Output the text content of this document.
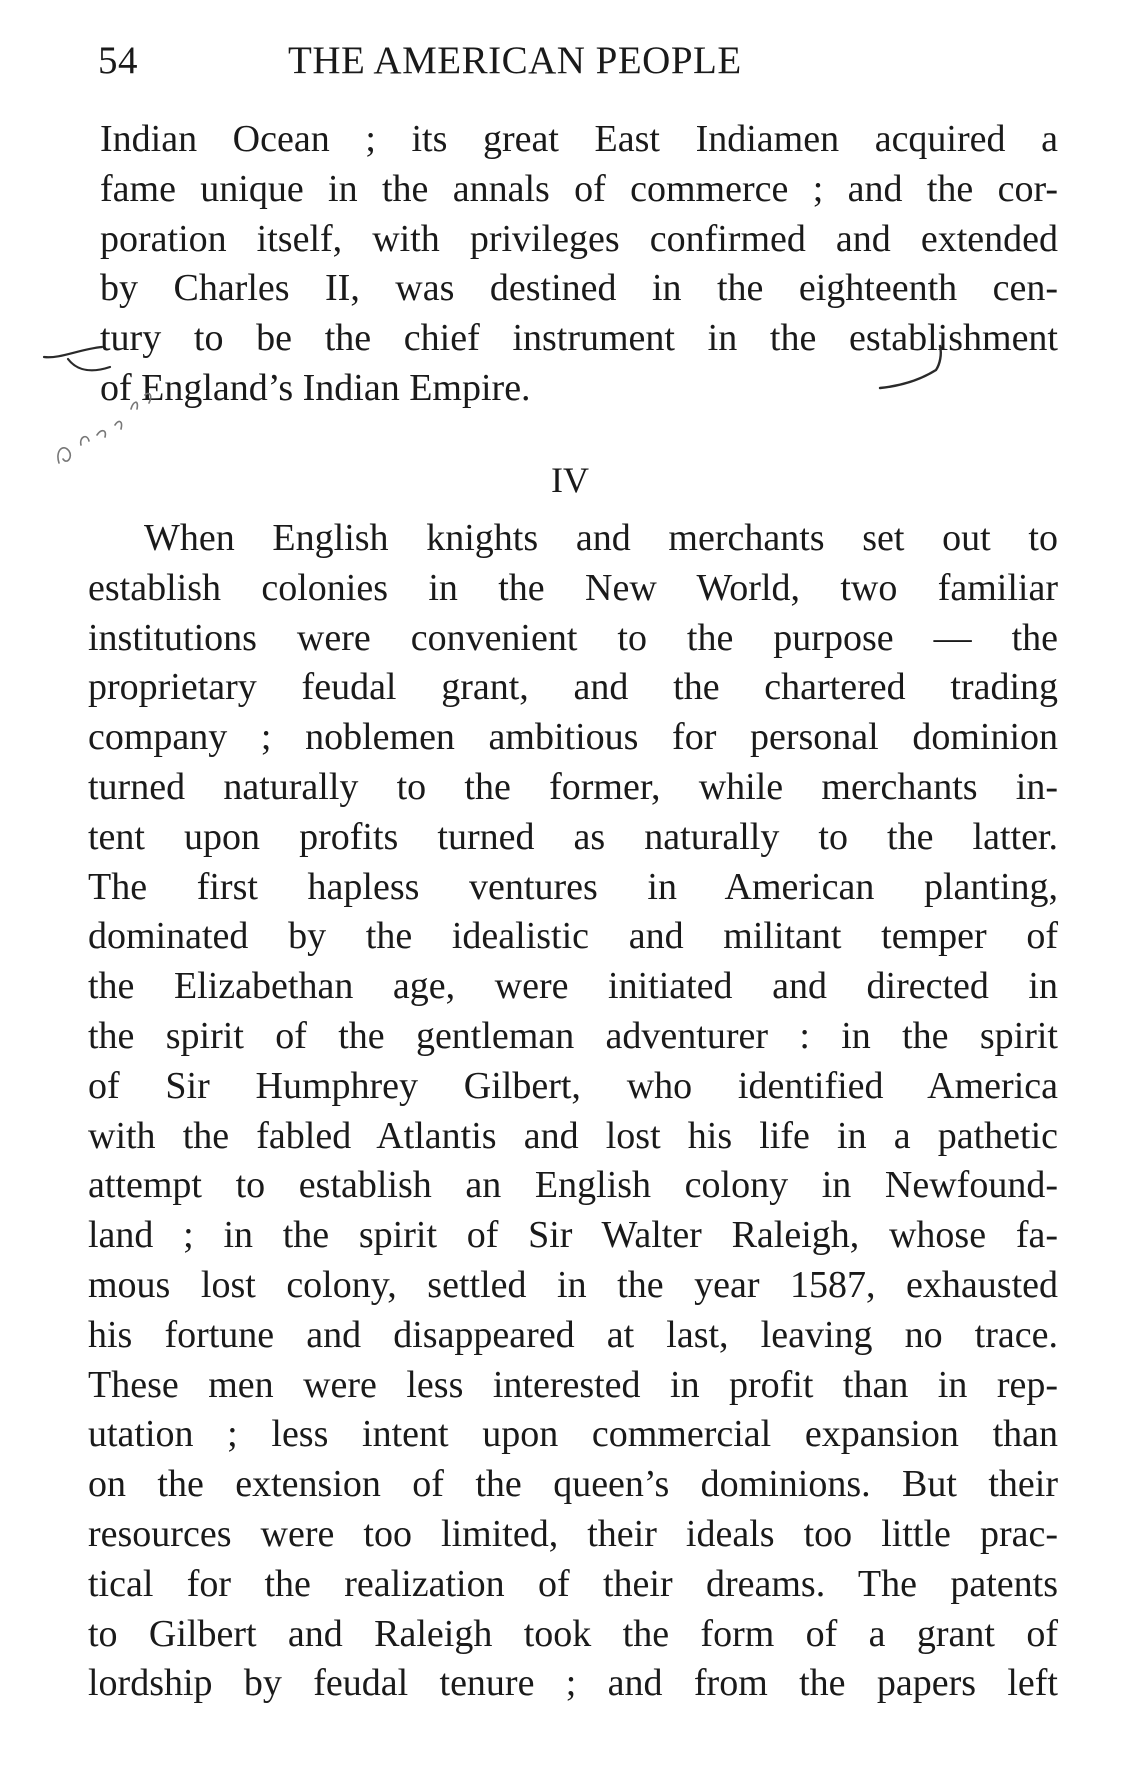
54	THE AMERICAN PEOPLE
Indian Ocean ; its great East Indiamen acquired a
fame unique in the annals of commerce ; and the cor-
poration itself, with privileges confirmed and extended
by Charles II, was destined in the eighteenth cen-
tury to be the chief instrument in the establishment
of England’s Indian Empire.
IV
When English knights and merchants set out to
establish colonies in the New World, two familiar
institutions were convenient to the purpose — the
proprietary feudal grant, and the chartered trading
company ; noblemen ambitious for personal dominion
turned naturally to the former, while merchants in-
tent upon profits turned as naturally to the latter.
The first hapless ventures in American planting,
dominated by the idealistic and militant temper of
the Elizabethan age, were initiated and directed in
the spirit of the gentleman adventurer : in the spirit
of Sir Humphrey Gilbert, who identified America
with the fabled Atlantis and lost his life in a pathetic
attempt to establish an English colony in Newfound-
land ; in the spirit of Sir Walter Raleigh, whose fa-
mous lost colony, settled in the year 1587, exhausted
his fortune and disappeared at last, leaving no trace.
These men were less interested in profit than in rep-
utation ; less intent upon commercial expansion than
on the extension of the queen’s dominions. But their
resources were too limited, their ideals too little prac-
tical for the realization of their dreams. The patents
to Gilbert and Raleigh took the form of a grant of
lordship by feudal tenure ; and from the papers left
